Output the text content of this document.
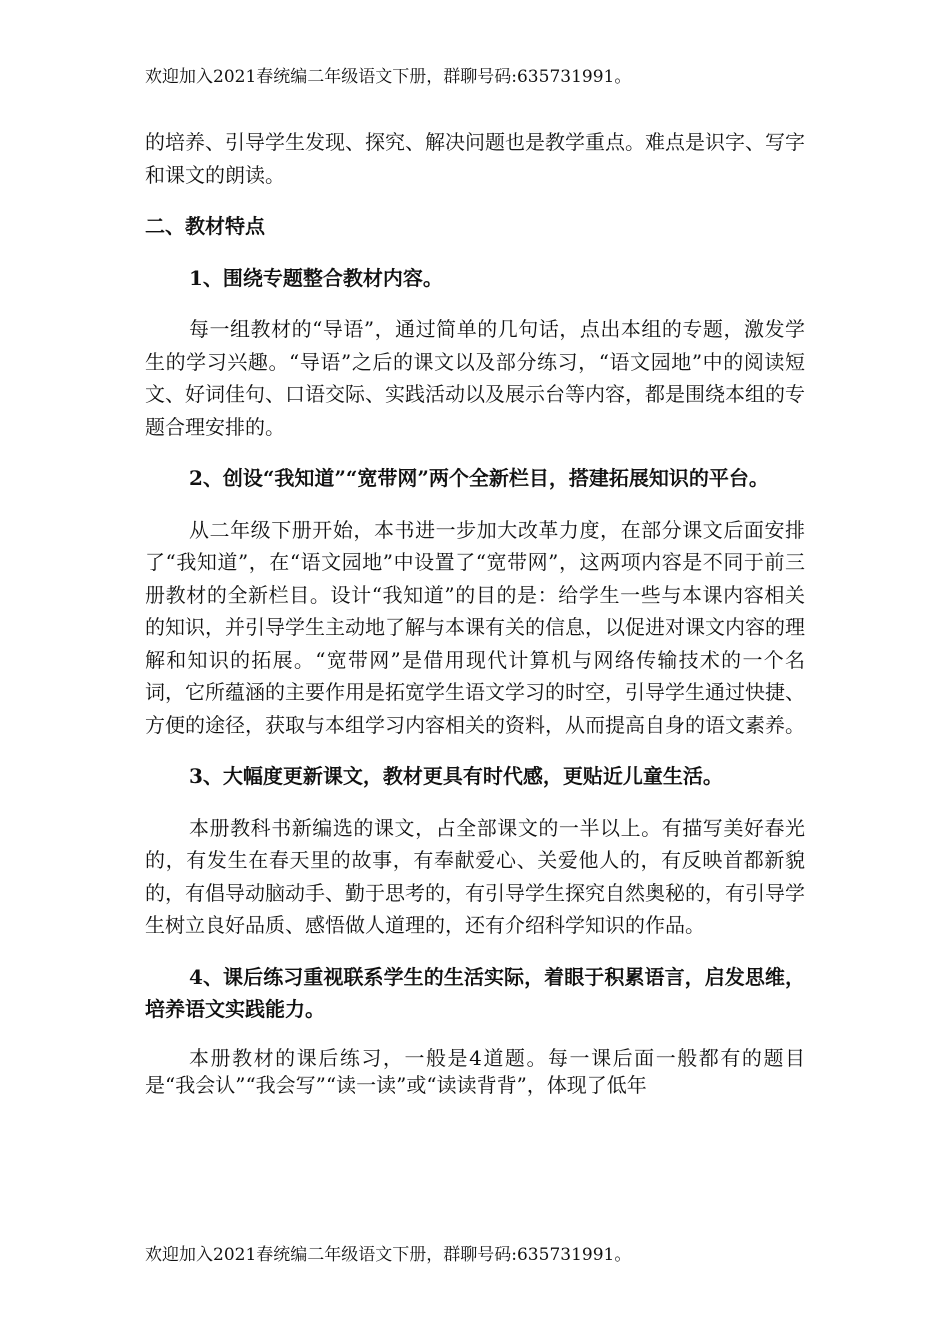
欢迎加入2021春统编二年级语文下册，群聊号码:635731991。

的培养、引导学生发现、探究、解决问题也是教学重点。难点是识字、写字和课文的朗读。

二、教材特点

1、围绕专题整合教材内容。

每一组教材的“导语”，通过简单的几句话，点出本组的专题，激发学生的学习兴趣。“导语”之后的课文以及部分练习，“语文园地”中的阅读短文、好词佳句、口语交际、实践活动以及展示台等内容，都是围绕本组的专题合理安排的。

2、创设“我知道”“宽带网”两个全新栏目，搭建拓展知识的平台。

从二年级下册开始，本书进一步加大改革力度，在部分课文后面安排了“我知道”，在“语文园地”中设置了“宽带网”，这两项内容是不同于前三册教材的全新栏目。设计“我知道”的目的是：给学生一些与本课内容相关的知识，并引导学生主动地了解与本课有关的信息，以促进对课文内容的理解和知识的拓展。“宽带网”是借用现代计算机与网络传输技术的一个名词，它所蕴涵的主要作用是拓宽学生语文学习的时空，引导学生通过快捷、方便的途径，获取与本组学习内容相关的资料，从而提高自身的语文素养。

3、大幅度更新课文，教材更具有时代感，更贴近儿童生活。

本册教科书新编选的课文，占全部课文的一半以上。有描写美好春光的，有发生在春天里的故事，有奉献爱心、关爱他人的，有反映首都新貌的，有倡导动脑动手、勤于思考的，有引导学生探究自然奥秘的，有引导学生树立良好品质、感悟做人道理的，还有介绍科学知识的作品。

4、课后练习重视联系学生的生活实际，着眼于积累语言，启发思维，培养语文实践能力。

本册教材的课后练习，一般是4道题。每一课后面一般都有的题目是“我会认”“我会写”“读一读”或“读读背背”，体现了低年

欢迎加入2021春统编二年级语文下册，群聊号码:635731991。
